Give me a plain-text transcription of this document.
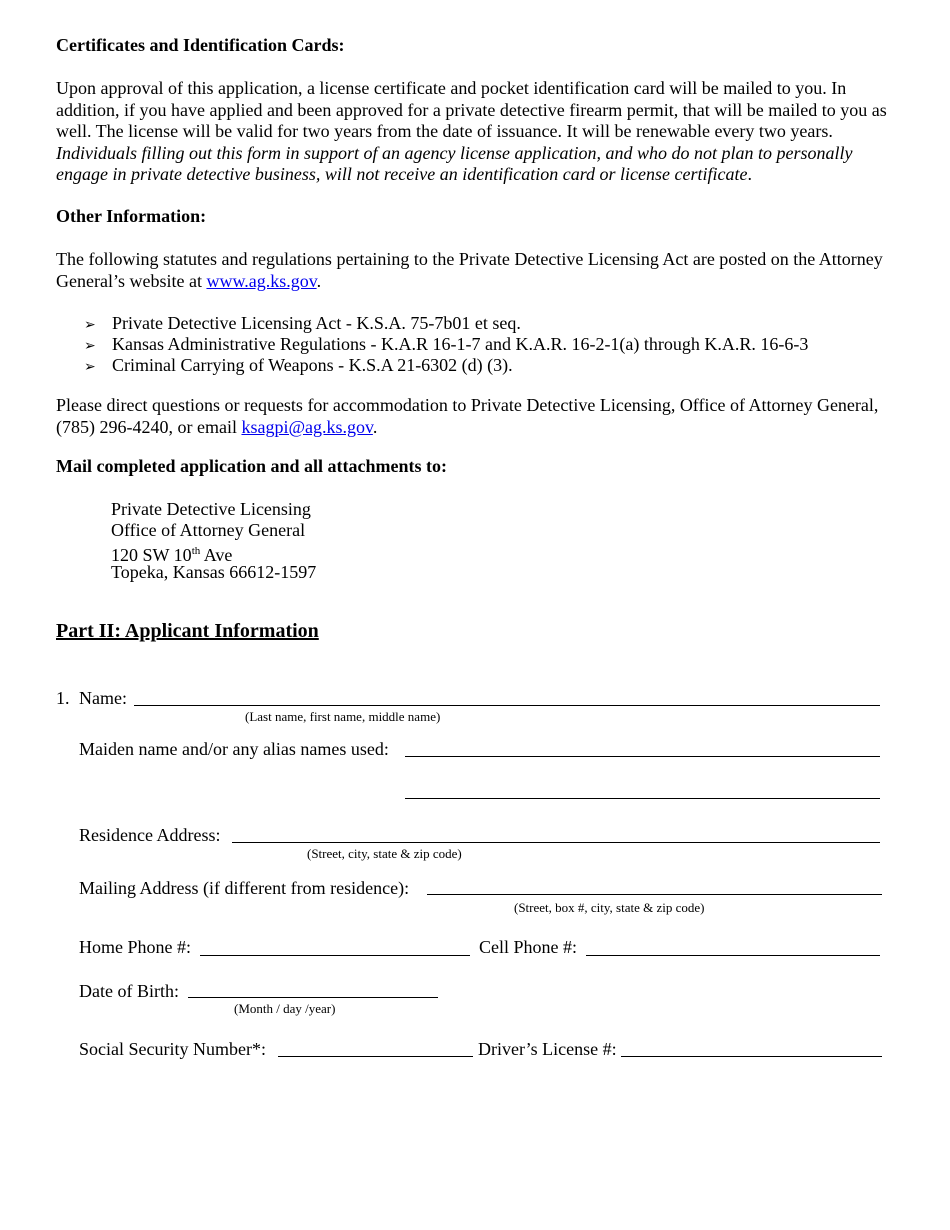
Certificates and Identification Cards:
Upon approval of this application, a license certificate and pocket identification card will be mailed to you. In addition, if you have applied and been approved for a private detective firearm permit, that will be mailed to you as well. The license will be valid for two years from the date of issuance. It will be renewable every two years. Individuals filling out this form in support of an agency license application, and who do not plan to personally engage in private detective business, will not receive an identification card or license certificate.
Other Information:
The following statutes and regulations pertaining to the Private Detective Licensing Act are posted on the Attorney General’s website at www.ag.ks.gov.
➢ Private Detective Licensing Act - K.S.A. 75-7b01 et seq.
➢ Kansas Administrative Regulations - K.A.R 16-1-7 and K.A.R. 16-2-1(a) through K.A.R. 16-6-3
➢ Criminal Carrying of Weapons - K.S.A 21-6302 (d) (3).
Please direct questions or requests for accommodation to Private Detective Licensing, Office of Attorney General, (785) 296-4240, or email ksagpi@ag.ks.gov.
Mail completed application and all attachments to:
Private Detective Licensing
Office of Attorney General
120 SW 10th Ave
Topeka, Kansas 66612-1597
Part II: Applicant Information
1. Name:
(Last name, first name, middle name)
Maiden name and/or any alias names used:
Residence Address:
(Street, city, state & zip code)
Mailing Address (if different from residence):
(Street, box #, city, state & zip code)
Home Phone #:	Cell Phone #:
Date of Birth:
(Month / day /year)
Social Security Number*:	Driver’s License #:
